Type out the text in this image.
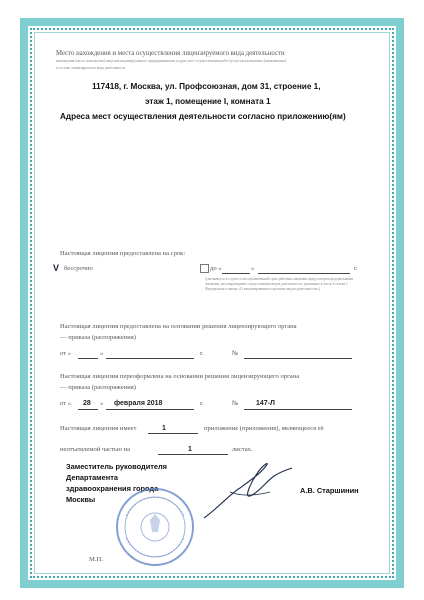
Место нахождения и места осуществления лицензируемого вида деятельности
нахождения (место жительства) лица или индивидуального предпринимателя и адрес мест осуществления работ (услуг) выполняемых (оказываемых)
в составе лицензируемого вида деятельности
117418, г. Москва, ул. Профсоюзная, дом 31, строение 1,
этаж 1, помещение I, комната 1
Адреса мест осуществления деятельности согласно приложению(ям)
Настоящая лицензия предоставлена на срок:
V бессрочно	до «	»	г.
(указывается в случае если ограниченный срок действия лицензии предусмотрен федеральными законами, регулирующими осуществление видов деятельности, указанных в части 4 статьи 1 Федерального закона «О лицензировании отдельных видов деятельности»)
Настоящая лицензия предоставлена на основании решения лицензирующего органа
— приказа (распоряжения)
от «	»	г.	№
Настоящая лицензия переоформлена на основании решения лицензирующего органа
— приказа (распоряжения)
от « 28 » февраля 2018	г.	№	147-Л
Настоящая лицензия имеет	1	приложение (приложения), являющееся её
неотъемлемой частью на	1	листах.
Заместитель руководителя
Департамента
здравоохранения города
Москвы
А.В. Старшинин
М.П.
